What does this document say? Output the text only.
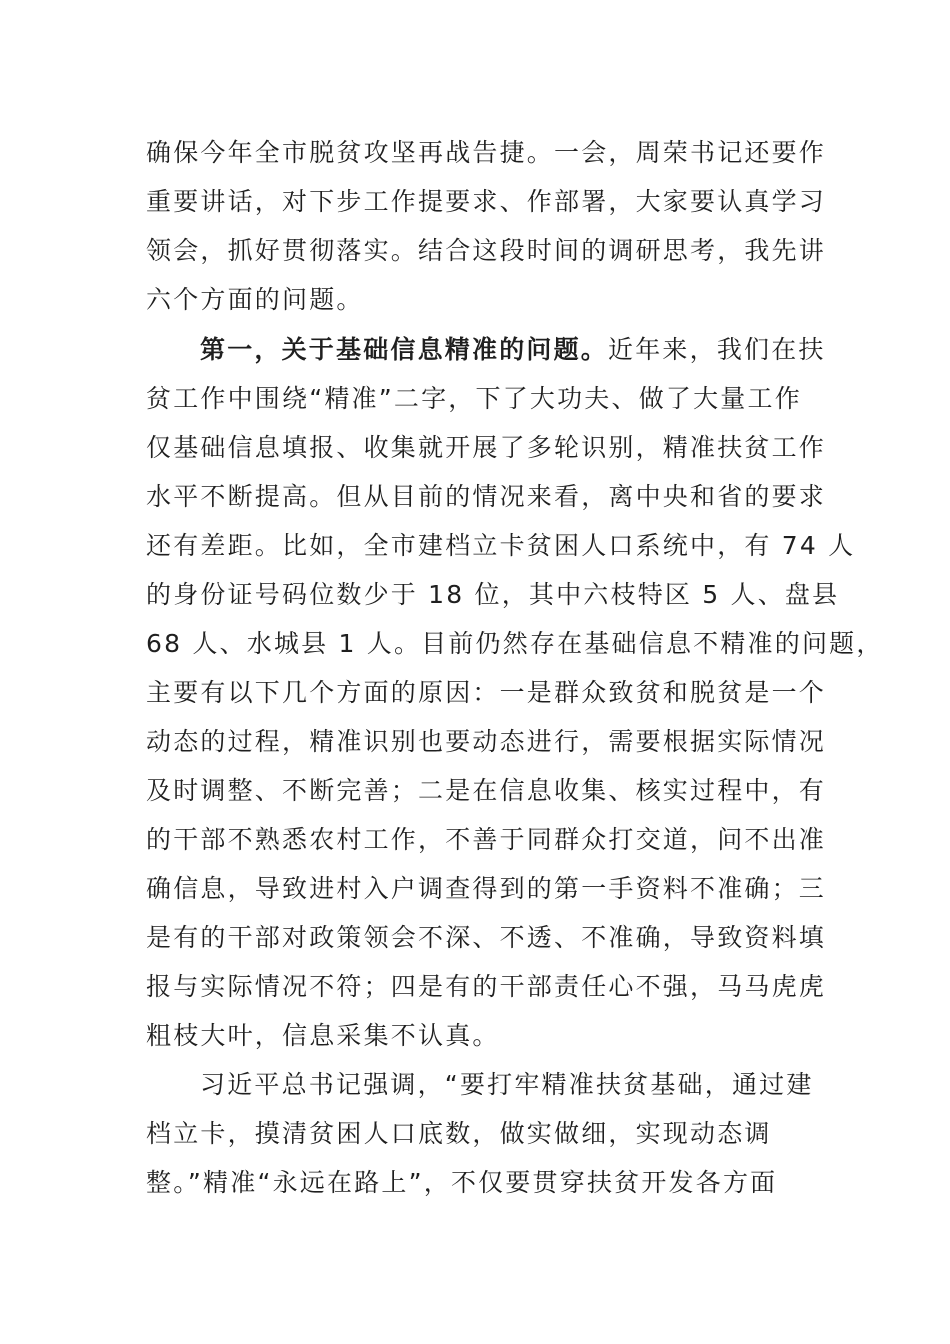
确保今年全市脱贫攻坚再战告捷。一会，周荣书记还要作
重要讲话，对下步工作提要求、作部署，大家要认真学习
领会，抓好贯彻落实。结合这段时间的调研思考，我先讲
六个方面的问题。
第一，关于基础信息精准的问题。近年来，我们在扶
贫工作中围绕“精准”二字，下了大功夫、做了大量工作
仅基础信息填报、收集就开展了多轮识别，精准扶贫工作
水平不断提高。但从目前的情况来看，离中央和省的要求
还有差距。比如，全市建档立卡贫困人口系统中，有 74 人
的身份证号码位数少于 18 位，其中六枝特区 5 人、盘县
68 人、水城县 1 人。目前仍然存在基础信息不精准的问题，
主要有以下几个方面的原因：一是群众致贫和脱贫是一个
动态的过程，精准识别也要动态进行，需要根据实际情况
及时调整、不断完善；二是在信息收集、核实过程中，有
的干部不熟悉农村工作，不善于同群众打交道，问不出准
确信息，导致进村入户调查得到的第一手资料不准确；三
是有的干部对政策领会不深、不透、不准确，导致资料填
报与实际情况不符；四是有的干部责任心不强，马马虎虎
粗枝大叶，信息采集不认真。
习近平总书记强调，“要打牢精准扶贫基础，通过建
档立卡，摸清贫困人口底数，做实做细，实现动态调
整。”精准“永远在路上”，不仅要贯穿扶贫开发各方面
